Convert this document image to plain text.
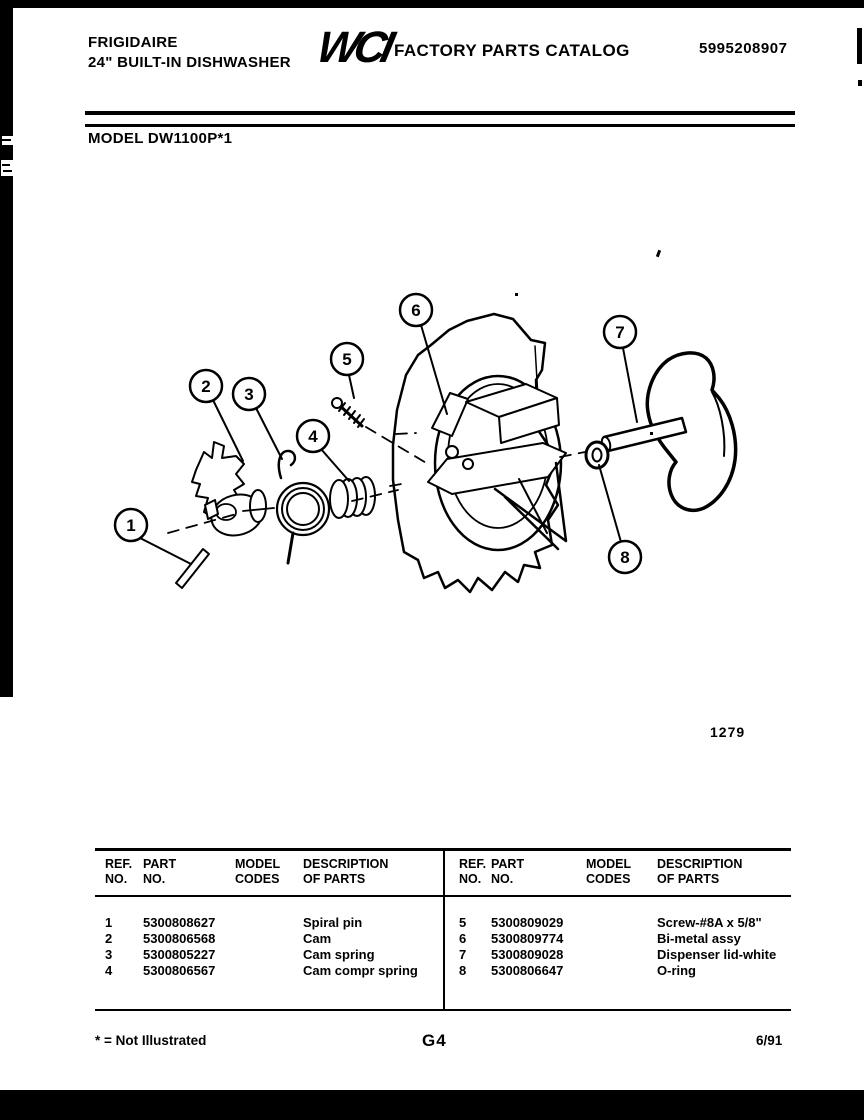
FRIGIDAIRE
24" BUILT-IN DISHWASHER WCI FACTORY PARTS CATALOG	5995208907
MODEL DW1100P*1
1
2 3
4
5
6
7
8
1279
REF.
NO.

PART
NO.

MODEL
CODES

DESCRIPTION
OF PARTS

1	5300808627		Spiral pin
2	5300806568		Cam
3	5300805227		Cam spring
4	5300806567		Cam compr spring
REF.
NO.

PART
NO.

MODEL
CODES

DESCRIPTION
OF PARTS

5	5300809029		Screw-#8A x 5/8"
6	5300809774		Bi-metal assy
7	5300809028		Dispenser lid-white
8	5300806647		O-ring
* = Not Illustrated	G4	6/91
